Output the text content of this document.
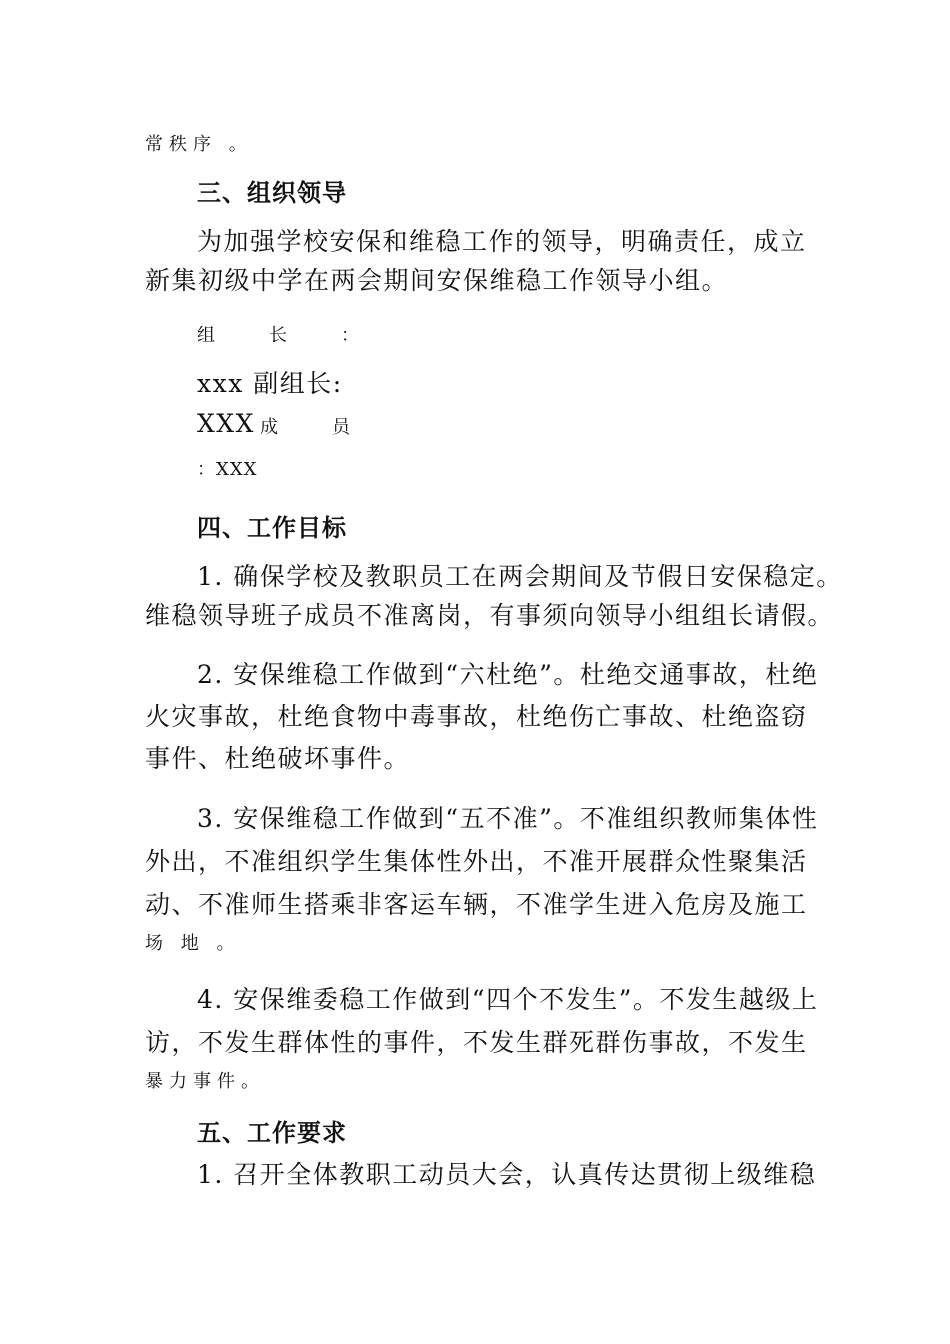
常秩序 。
三、组织领导
为加强学校安保和维稳工作的领导，明确责任，成立
新集初级中学在两会期间安保维稳工作领导小组。
组　　长　　：
xxx 副组长:
XXX 成　　员
：XXX
四、工作目标
1. 确保学校及教职员工在两会期间及节假日安保稳定。
维稳领导班子成员不准离岗，有事须向领导小组组长请假。
2. 安保维稳工作做到“六杜绝”。杜绝交通事故，杜绝
火灾事故，杜绝食物中毒事故，杜绝伤亡事故、杜绝盗窃
事件、杜绝破坏事件。
3. 安保维稳工作做到“五不准”。不准组织教师集体性
外出，不准组织学生集体性外出，不准开展群众性聚集活
动、不准师生搭乘非客运车辆，不准学生进入危房及施工
场 地 。
4. 安保维委稳工作做到“四个不发生”。不发生越级上
访，不发生群体性的事件，不发生群死群伤事故，不发生
暴力事件。
五、工作要求
1. 召开全体教职工动员大会，认真传达贯彻上级维稳
